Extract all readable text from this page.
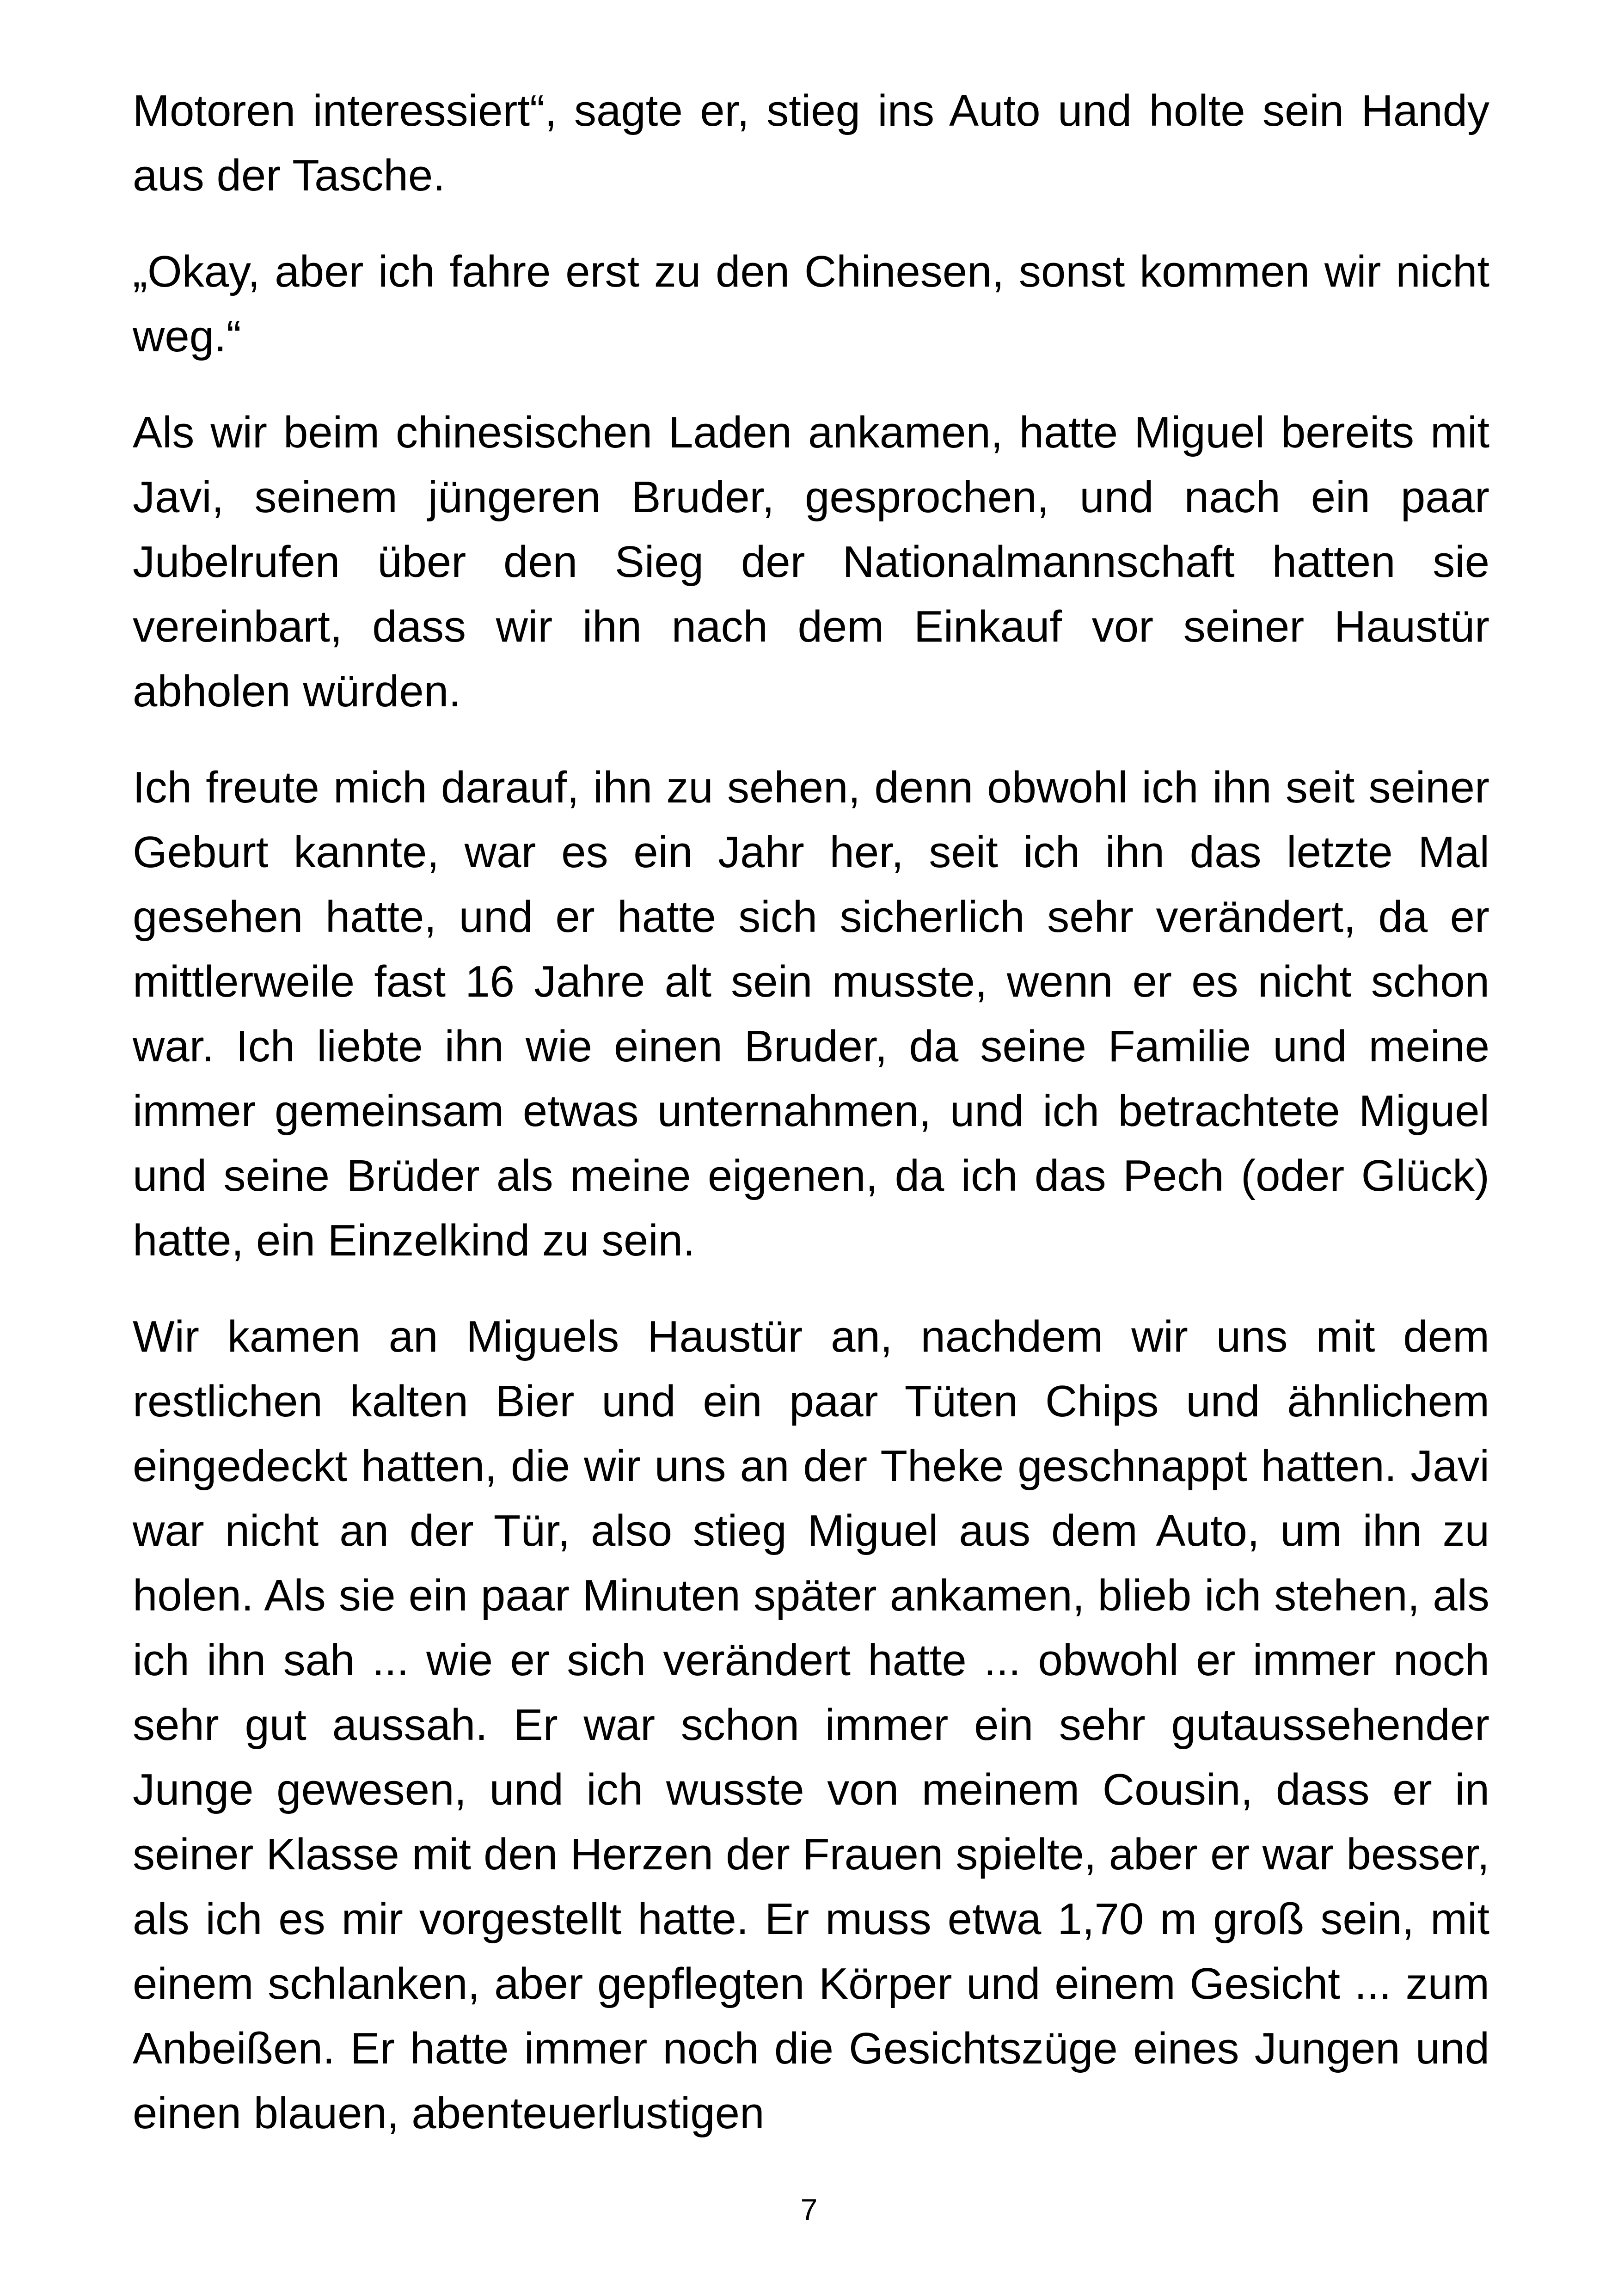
Motoren interessiert“, sagte er, stieg ins Auto und holte sein Handy aus der Tasche.

„Okay, aber ich fahre erst zu den Chinesen, sonst kommen wir nicht weg.“

Als wir beim chinesischen Laden ankamen, hatte Miguel bereits mit Javi, seinem jüngeren Bruder, gesprochen, und nach ein paar Jubelrufen über den Sieg der Nationalmannschaft hatten sie vereinbart, dass wir ihn nach dem Einkauf vor seiner Haustür abholen würden.

Ich freute mich darauf, ihn zu sehen, denn obwohl ich ihn seit seiner Geburt kannte, war es ein Jahr her, seit ich ihn das letzte Mal gesehen hatte, und er hatte sich sicherlich sehr verändert, da er mittlerweile fast 16 Jahre alt sein musste, wenn er es nicht schon war. Ich liebte ihn wie einen Bruder, da seine Familie und meine immer gemeinsam etwas unternahmen, und ich betrachtete Miguel und seine Brüder als meine eigenen, da ich das Pech (oder Glück) hatte, ein Einzelkind zu sein.

Wir kamen an Miguels Haustür an, nachdem wir uns mit dem restlichen kalten Bier und ein paar Tüten Chips und ähnlichem eingedeckt hatten, die wir uns an der Theke geschnappt hatten. Javi war nicht an der Tür, also stieg Miguel aus dem Auto, um ihn zu holen. Als sie ein paar Minuten später ankamen, blieb ich stehen, als ich ihn sah ... wie er sich verändert hatte ... obwohl er immer noch sehr gut aussah. Er war schon immer ein sehr gutaussehender Junge gewesen, und ich wusste von meinem Cousin, dass er in seiner Klasse mit den Herzen der Frauen spielte, aber er war besser, als ich es mir vorgestellt hatte. Er muss etwa 1,70 m groß sein, mit einem schlanken, aber gepflegten Körper und einem Gesicht ... zum Anbeißen. Er hatte immer noch die Gesichtszüge eines Jungen und einen blauen, abenteuerlustigen

7
